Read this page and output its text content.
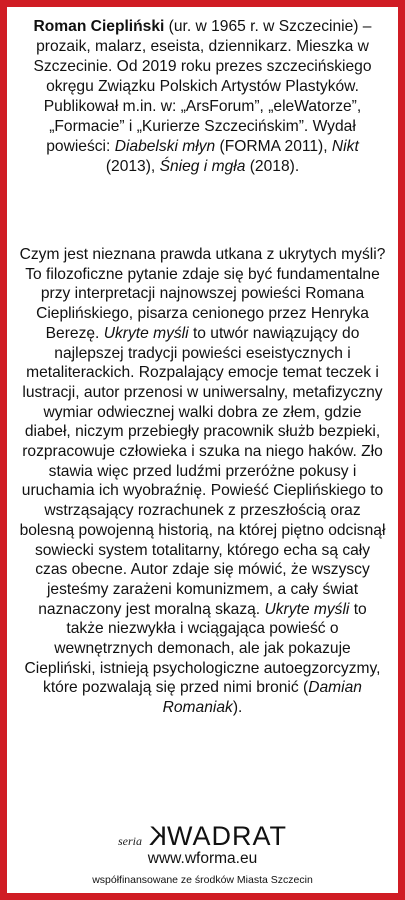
Roman Ciepliński (ur. w 1965 r. w Szczecinie) – prozaik, malarz, eseista, dziennikarz. Mieszka w Szczecinie. Od 2019 roku prezes szczecińskiego okręgu Związku Polskich Artystów Plastyków. Publikował m.in. w: „ArsForum”, „eleWatorze”, „Formacie” i „Kurierze Szczecińskim”. Wydał powieści: Diabelski młyn (FORMA 2011), Nikt (2013), Śnieg i mgła (2018).

Czym jest nieznana prawda utkana z ukrytych myśli? To filozoficzne pytanie zdaje się być fundamentalne przy interpretacji najnowszej powieści Romana Cieplińskiego, pisarza cenionego przez Henryka Berezę. Ukryte myśli to utwór nawiązujący do najlepszej tradycji powieści eseistycznych i metaliterackich. Rozpalający emocje temat teczek i lustracji, autor przenosi w uniwersalny, metafizyczny wymiar odwiecznej walki dobra ze złem, gdzie diabeł, niczym przebiegły pracownik służb bezpieki, rozpracowuje człowieka i szuka na niego haków. Zło stawia więc przed ludźmi przeróżne pokusy i uruchamia ich wyobraźnię. Powieść Cieplińskiego to wstrząsający rozrachunek z przeszłością oraz bolesną powojenną historią, na której piętno odcisnął sowiecki system totalitarny, którego echa są cały czas obecne. Autor zdaje się mówić, że wszyscy jesteśmy zarażeni komunizmem, a cały świat naznaczony jest moralną skazą. Ukryte myśli to także niezwykła i wciągająca powieść o wewnętrznych demonach, ale jak pokazuje Ciepliński, istnieją psychologiczne autoegzorcyzmy, które pozwalają się przed nimi bronić (Damian Romaniak).

seria KWADRAT
www.wforma.eu
współfinansowane ze środków Miasta Szczecin
